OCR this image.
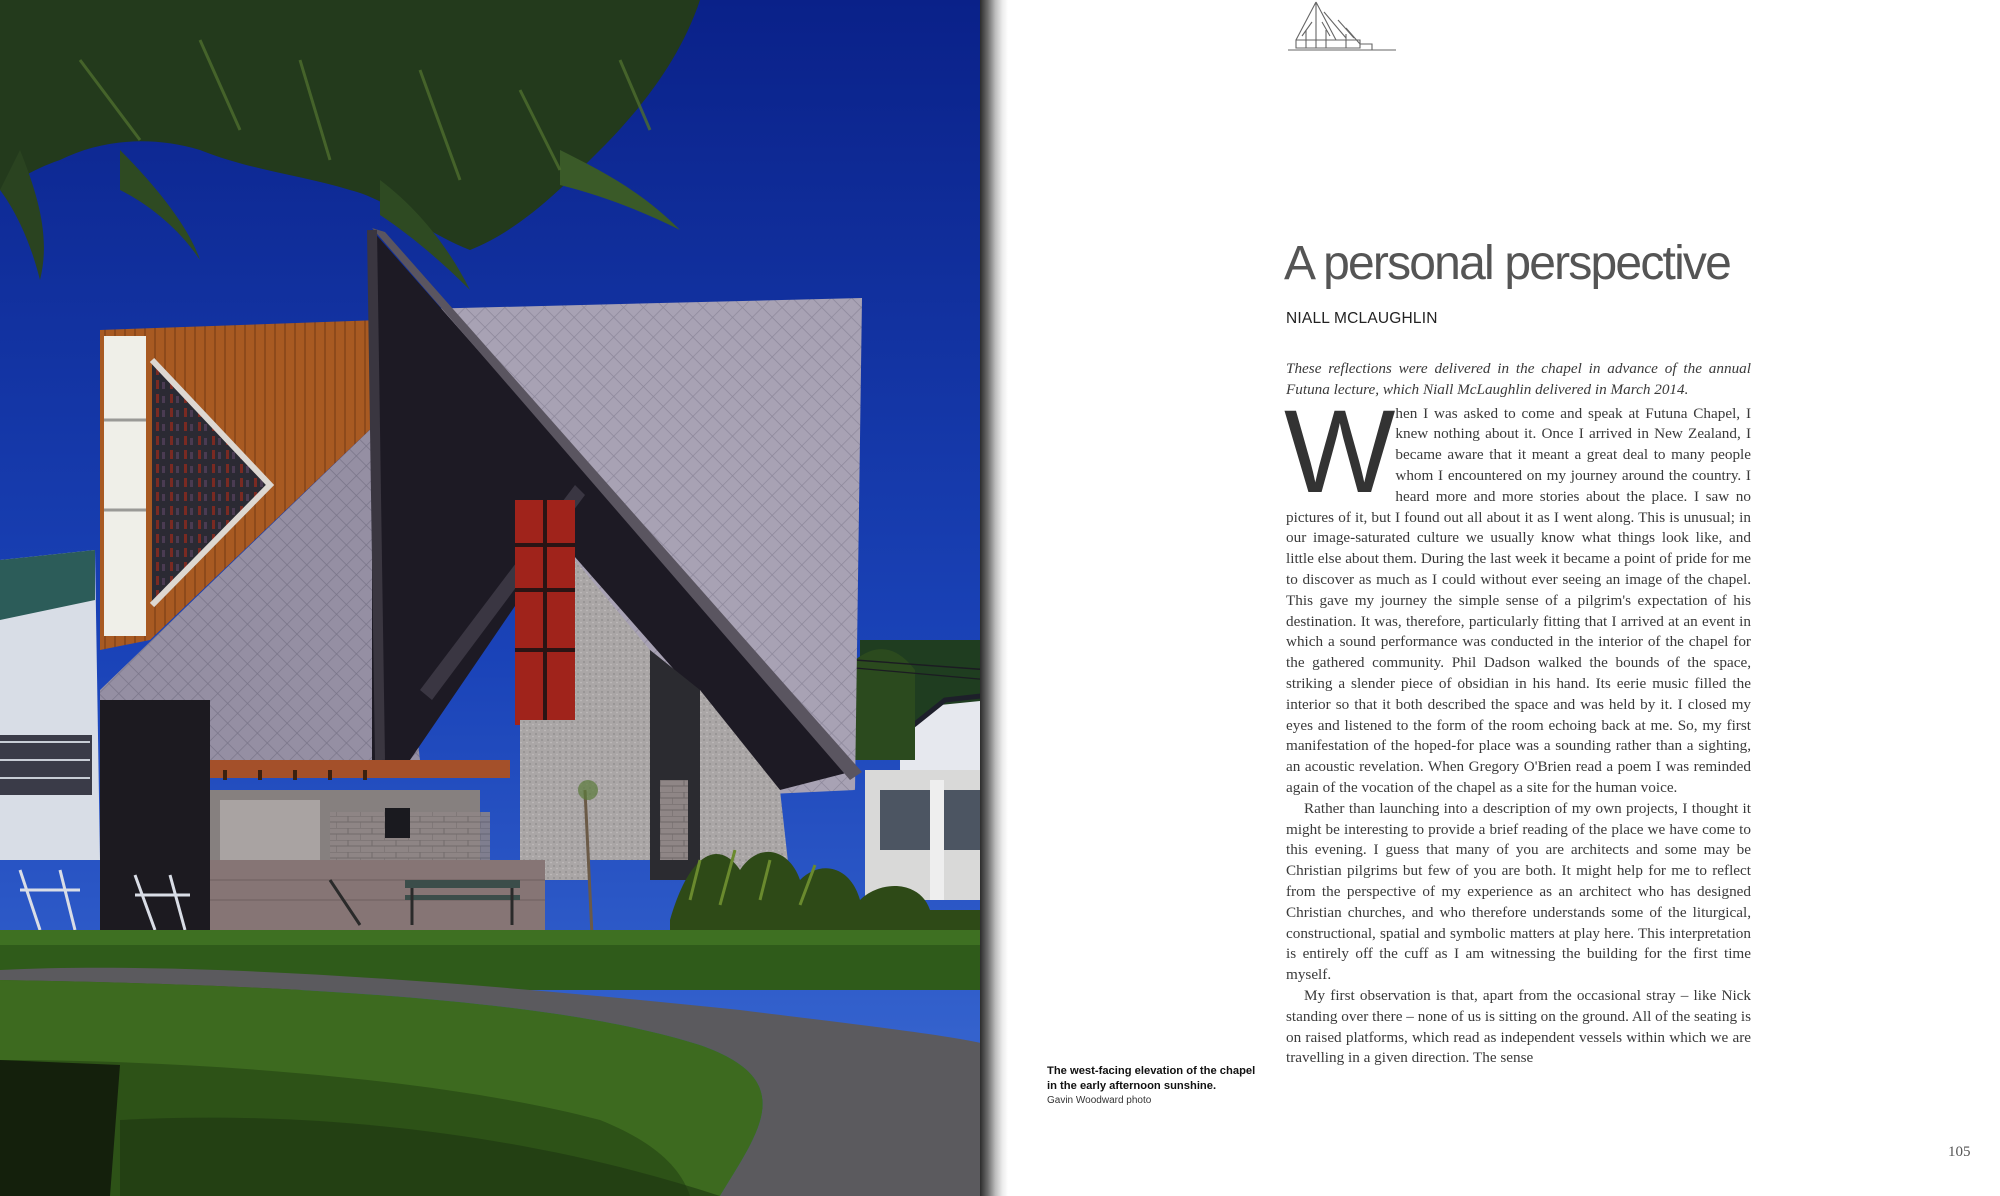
A personal perspective
NIALL MCLAUGHLIN

These reflections were delivered in the chapel in advance of the annual Futuna lecture, which Niall McLaughlin delivered in March 2014.

When I was asked to come and speak at Futuna Chapel, I knew nothing about it. Once I arrived in New Zealand, I became aware that it meant a great deal to many people whom I encountered on my journey around the country. I heard more and more stories about the place. I saw no pictures of it, but I found out all about it as I went along. This is unusual; in our image-saturated culture we usually know what things look like, and little else about them. During the last week it became a point of pride for me to discover as much as I could without ever seeing an image of the chapel. This gave my journey the simple sense of a pilgrim's expectation of his destination. It was, therefore, particularly fitting that I arrived at an event in which a sound performance was conducted in the interior of the chapel for the gathered community. Phil Dadson walked the bounds of the space, striking a slender piece of obsidian in his hand. Its eerie music filled the interior so that it both described the space and was held by it. I closed my eyes and listened to the form of the room echoing back at me. So, my first manifestation of the hoped-for place was a sounding rather than a sighting, an acoustic revelation. When Gregory O'Brien read a poem I was reminded again of the vocation of the chapel as a site for the human voice.

Rather than launching into a description of my own projects, I thought it might be interesting to provide a brief reading of the place we have come to this evening. I guess that many of you are architects and some may be Christian pilgrims but few of you are both. It might help for me to reflect from the perspective of my experience as an architect who has designed Christian churches, and who therefore understands some of the liturgical, constructional, spatial and symbolic matters at play here. This interpretation is entirely off the cuff as I am witnessing the building for the first time myself.

My first observation is that, apart from the occasional stray – like Nick standing over there – none of us is sitting on the ground. All of the seating is on raised platforms, which read as independent vessels within which we are travelling in a given direction. The sense

The west-facing elevation of the chapel in the early afternoon sunshine.
Gavin Woodward photo
105
